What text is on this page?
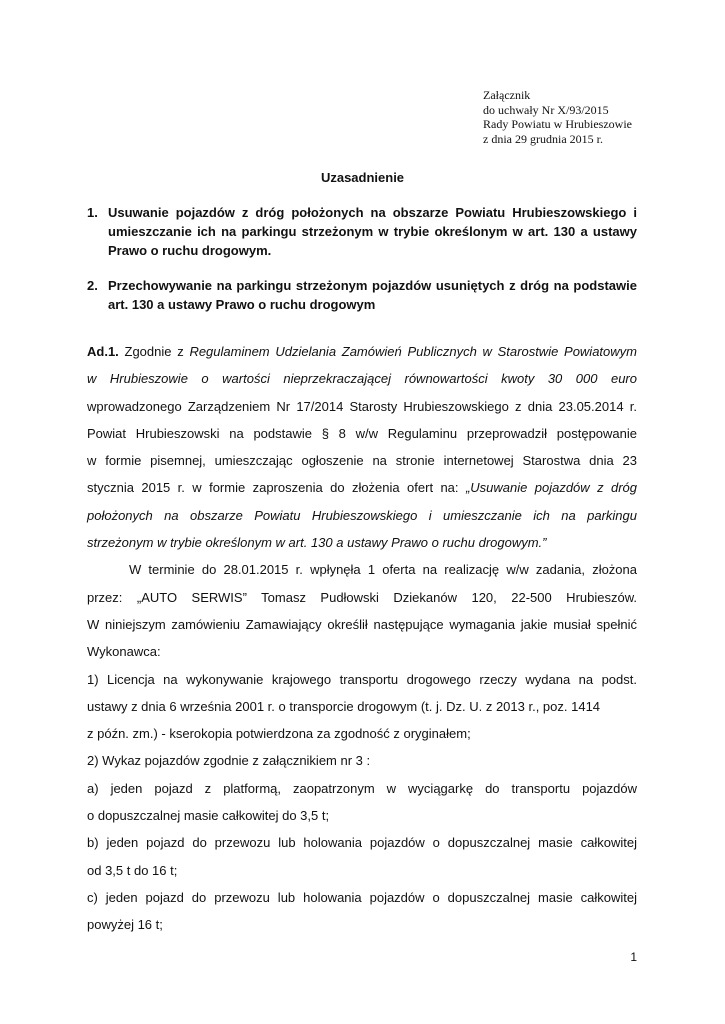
Załącznik
do uchwały Nr X/93/2015
Rady Powiatu w Hrubieszowie
z dnia 29 grudnia 2015 r.
Uzasadnienie
1. Usuwanie pojazdów z dróg położonych na obszarze Powiatu Hrubieszowskiego i umieszczanie ich na parkingu strzeżonym w trybie określonym w art. 130 a ustawy Prawo o ruchu drogowym.
2. Przechowywanie na parkingu strzeżonym pojazdów usuniętych z dróg na podstawie art. 130 a ustawy Prawo o ruchu drogowym
Ad.1. Zgodnie z Regulaminem Udzielania Zamówień Publicznych w Starostwie Powiatowym
w Hrubieszowie o wartości nieprzekraczającej równowartości kwoty 30 000 euro
wprowadzonego Zarządzeniem Nr 17/2014 Starosty Hrubieszowskiego z dnia 23.05.2014 r.
Powiat Hrubieszowski na podstawie § 8 w/w Regulaminu przeprowadził postępowanie
w formie pisemnej, umieszczając ogłoszenie na stronie internetowej Starostwa dnia 23
stycznia 2015 r. w formie zaproszenia do złożenia ofert na: „Usuwanie pojazdów z dróg
położonych na obszarze Powiatu Hrubieszowskiego i umieszczanie ich na parkingu
strzeżonym w trybie określonym w art. 130 a ustawy Prawo o ruchu drogowym.”
W terminie do 28.01.2015 r. wpłynęła 1 oferta na realizację w/w zadania, złożona
przez: „AUTO SERWIS” Tomasz Pudłowski Dziekanów 120, 22-500 Hrubieszów.
W niniejszym zamówieniu Zamawiający określił następujące wymagania jakie musiał spełnić
Wykonawca:
1) Licencja na wykonywanie krajowego transportu drogowego rzeczy wydana na podst.
ustawy z dnia 6 września 2001 r. o transporcie drogowym (t. j. Dz. U. z 2013 r., poz. 1414
z późn. zm.) - kserokopia potwierdzona za zgodność z oryginałem;
2) Wykaz pojazdów zgodnie z załącznikiem nr 3 :
a) jeden pojazd z platformą, zaopatrzonym w wyciągarkę do transportu pojazdów
o dopuszczalnej masie całkowitej do 3,5 t;
b) jeden pojazd do przewozu lub holowania pojazdów o dopuszczalnej masie całkowitej
od 3,5 t do 16 t;
c) jeden pojazd do przewozu lub holowania pojazdów o dopuszczalnej masie całkowitej
powyżej 16 t;
1
